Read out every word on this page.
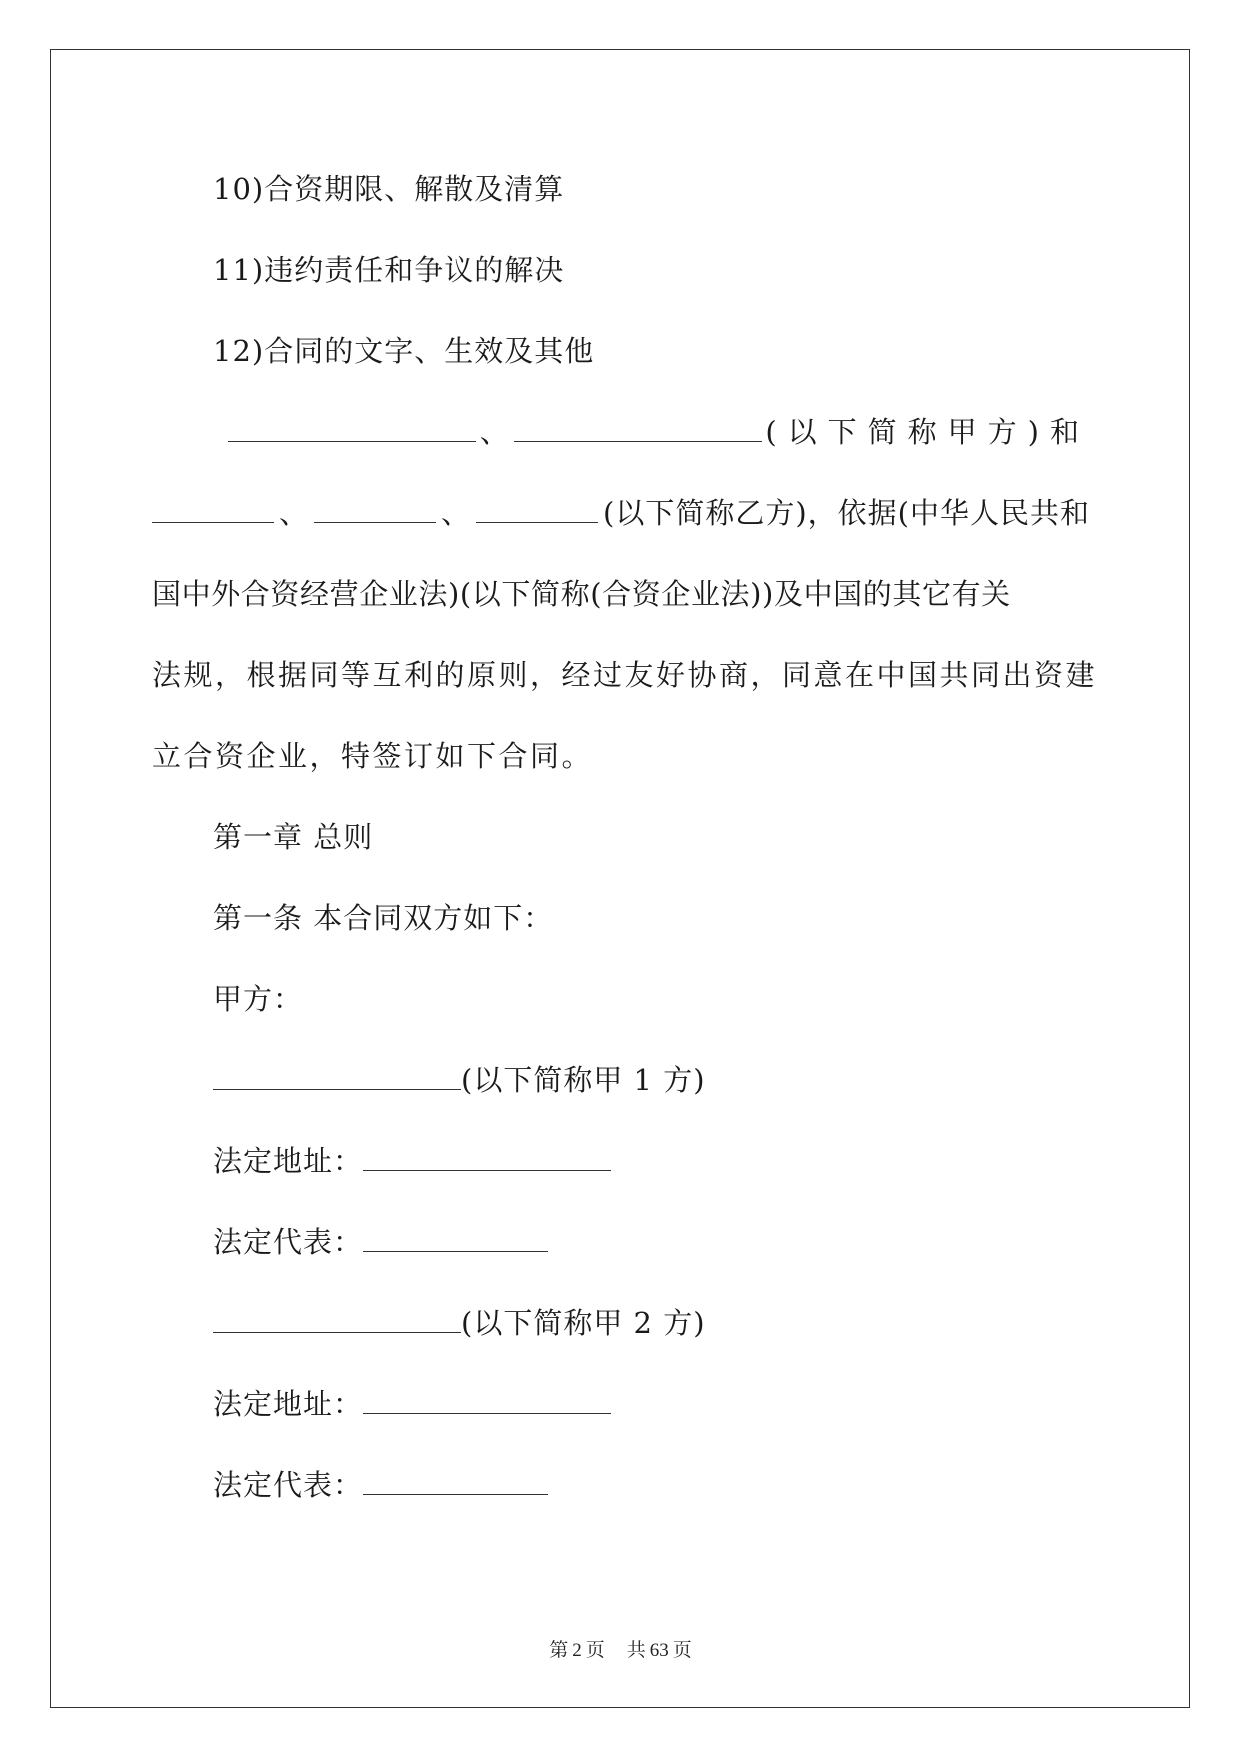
10)合资期限、解散及清算
11)违约责任和争议的解决
12)合同的文字、生效及其他
、	(以下简称甲方)和
、	、	(以下简称乙方)，依据(中华人民共和
国中外合资经营企业法)(以下简称(合资企业法))及中国的其它有关
法规，根据同等互利的原则，经过友好协商，同意在中国共同出资建
立合资企业，特签订如下合同。
第一章 总则
第一条 本合同双方如下：
甲方：
(以下简称甲 1 方)
法定地址：
法定代表：
(以下简称甲 2 方)
法定地址：
法定代表：
第 2 页 共 63 页
